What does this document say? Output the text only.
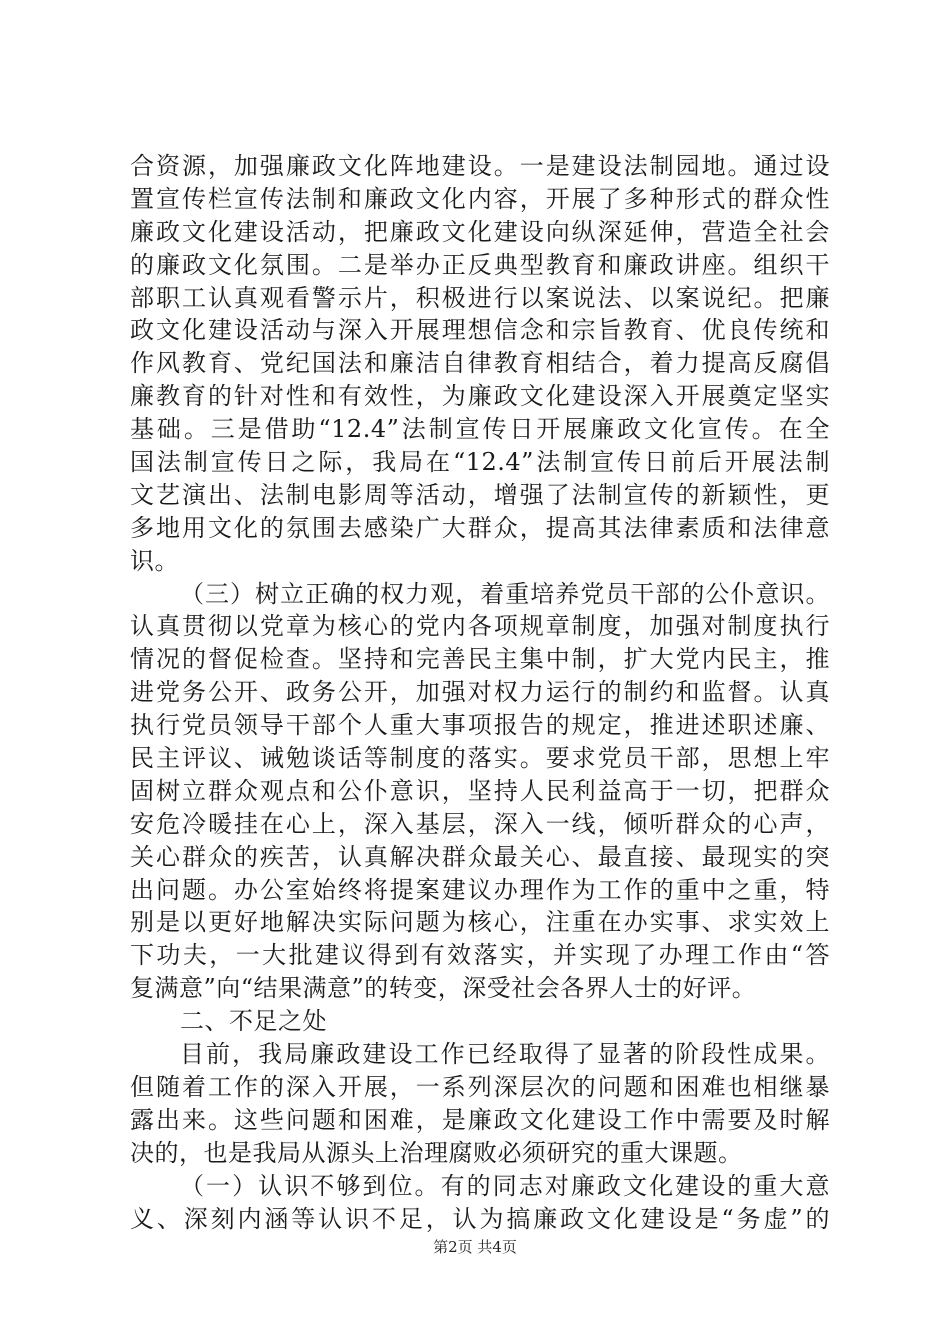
合资源，加强廉政文化阵地建设。一是建设法制园地。通过设
置宣传栏宣传法制和廉政文化内容，开展了多种形式的群众性
廉政文化建设活动，把廉政文化建设向纵深延伸，营造全社会
的廉政文化氛围。二是举办正反典型教育和廉政讲座。组织干
部职工认真观看警示片，积极进行以案说法、以案说纪。把廉
政文化建设活动与深入开展理想信念和宗旨教育、优良传统和
作风教育、党纪国法和廉洁自律教育相结合，着力提高反腐倡
廉教育的针对性和有效性，为廉政文化建设深入开展奠定坚实
基础。三是借助“12.4”法制宣传日开展廉政文化宣传。在全
国法制宣传日之际，我局在“12.4”法制宣传日前后开展法制
文艺演出、法制电影周等活动，增强了法制宣传的新颖性，更
多地用文化的氛围去感染广大群众，提高其法律素质和法律意
识。
（三）树立正确的权力观，着重培养党员干部的公仆意识。
认真贯彻以党章为核心的党内各项规章制度，加强对制度执行
情况的督促检查。坚持和完善民主集中制，扩大党内民主，推
进党务公开、政务公开，加强对权力运行的制约和监督。认真
执行党员领导干部个人重大事项报告的规定，推进述职述廉、
民主评议、诫勉谈话等制度的落实。要求党员干部，思想上牢
固树立群众观点和公仆意识，坚持人民利益高于一切，把群众
安危冷暖挂在心上，深入基层，深入一线，倾听群众的心声，
关心群众的疾苦，认真解决群众最关心、最直接、最现实的突
出问题。办公室始终将提案建议办理作为工作的重中之重，特
别是以更好地解决实际问题为核心，注重在办实事、求实效上
下功夫，一大批建议得到有效落实，并实现了办理工作由“答
复满意”向“结果满意”的转变，深受社会各界人士的好评。
二、不足之处
目前，我局廉政建设工作已经取得了显著的阶段性成果。
但随着工作的深入开展，一系列深层次的问题和困难也相继暴
露出来。这些问题和困难，是廉政文化建设工作中需要及时解
决的，也是我局从源头上治理腐败必须研究的重大课题。
（一）认识不够到位。有的同志对廉政文化建设的重大意
义、深刻内涵等认识不足，认为搞廉政文化建设是“务虚”的
第2页 共4页
